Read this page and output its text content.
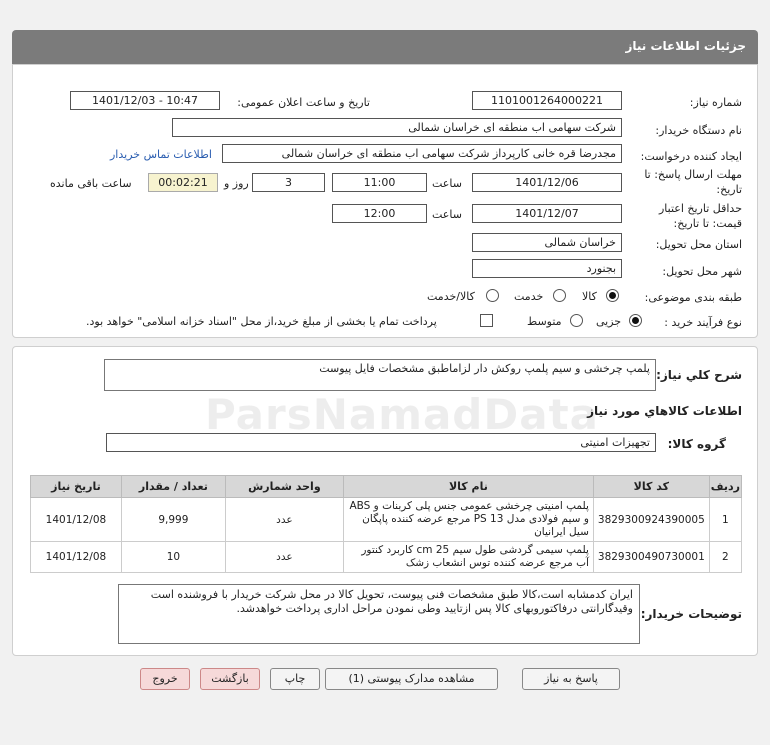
جزئیات اطلاعات نیاز
شماره نیاز:
1101001264000221
تاریخ و ساعت اعلان عمومی:
1401/12/03 - 10:47
نام دستگاه خریدار:
شرکت سهامی اب منطقه ای خراسان شمالی
ایجاد کننده درخواست:
مجدرضا قره خانی کارپرداز شرکت سهامی اب منطقه ای خراسان شمالی
اطلاعات تماس خریدار
مهلت ارسال پاسخ: تا
تاریخ:
1401/12/06
ساعت
11:00
3
روز و
00:02:21
ساعت باقی مانده
حداقل تاریخ اعتبار
قیمت: تا تاریخ:
1401/12/07
ساعت
12:00
استان محل تحویل:
خراسان شمالی
شهر محل تحویل:
بجنورد
طبقه بندی موضوعی:
کالا
خدمت
کالا/خدمت
نوع فرآیند خرید :
جزیی
متوسط
پرداخت تمام یا بخشی از مبلغ خرید،از محل "اسناد خزانه اسلامی" خواهد بود.
شرح کلي نياز:
پلمپ چرخشی و سیم پلمپ روکش دار لزاماطبق مشخصات فایل پیوست
اطلاعات کالاهاي مورد نياز
گروه کالا:
تجهیزات امنیتی
ردیف	کد کالا	نام کالا	واحد شمارش	تعداد / مقدار	تاریخ نیاز
1	3829300924390005	پلمپ امنیتی چرخشی عمومی جنس پلی کربنات و ABS و سیم فولادی مدل PS 13 مرجع عرضه کننده پاپگان سیل ایرانیان	عدد	9,999	1401/12/08
2	3829300490730001	پلمپ سیمی گردشی طول سیم 25 cm کاربرد کنتور آب مرجع عرضه کننده توس انشعاب زشک	عدد	10	1401/12/08
توضیحات خریدار:
ایران کدمشابه است،کالا طبق مشخصات فنی پیوست، تحویل کالا در محل شرکت خریدار با فروشنده است وقیدگارانتی درفاکتوروبهای کالا پس ازتایید وطی نمودن مراحل اداری پرداخت خواهدشد.
پاسخ به نیاز
مشاهده مدارک پیوستی (1)
چاپ
بازگشت
خروج
